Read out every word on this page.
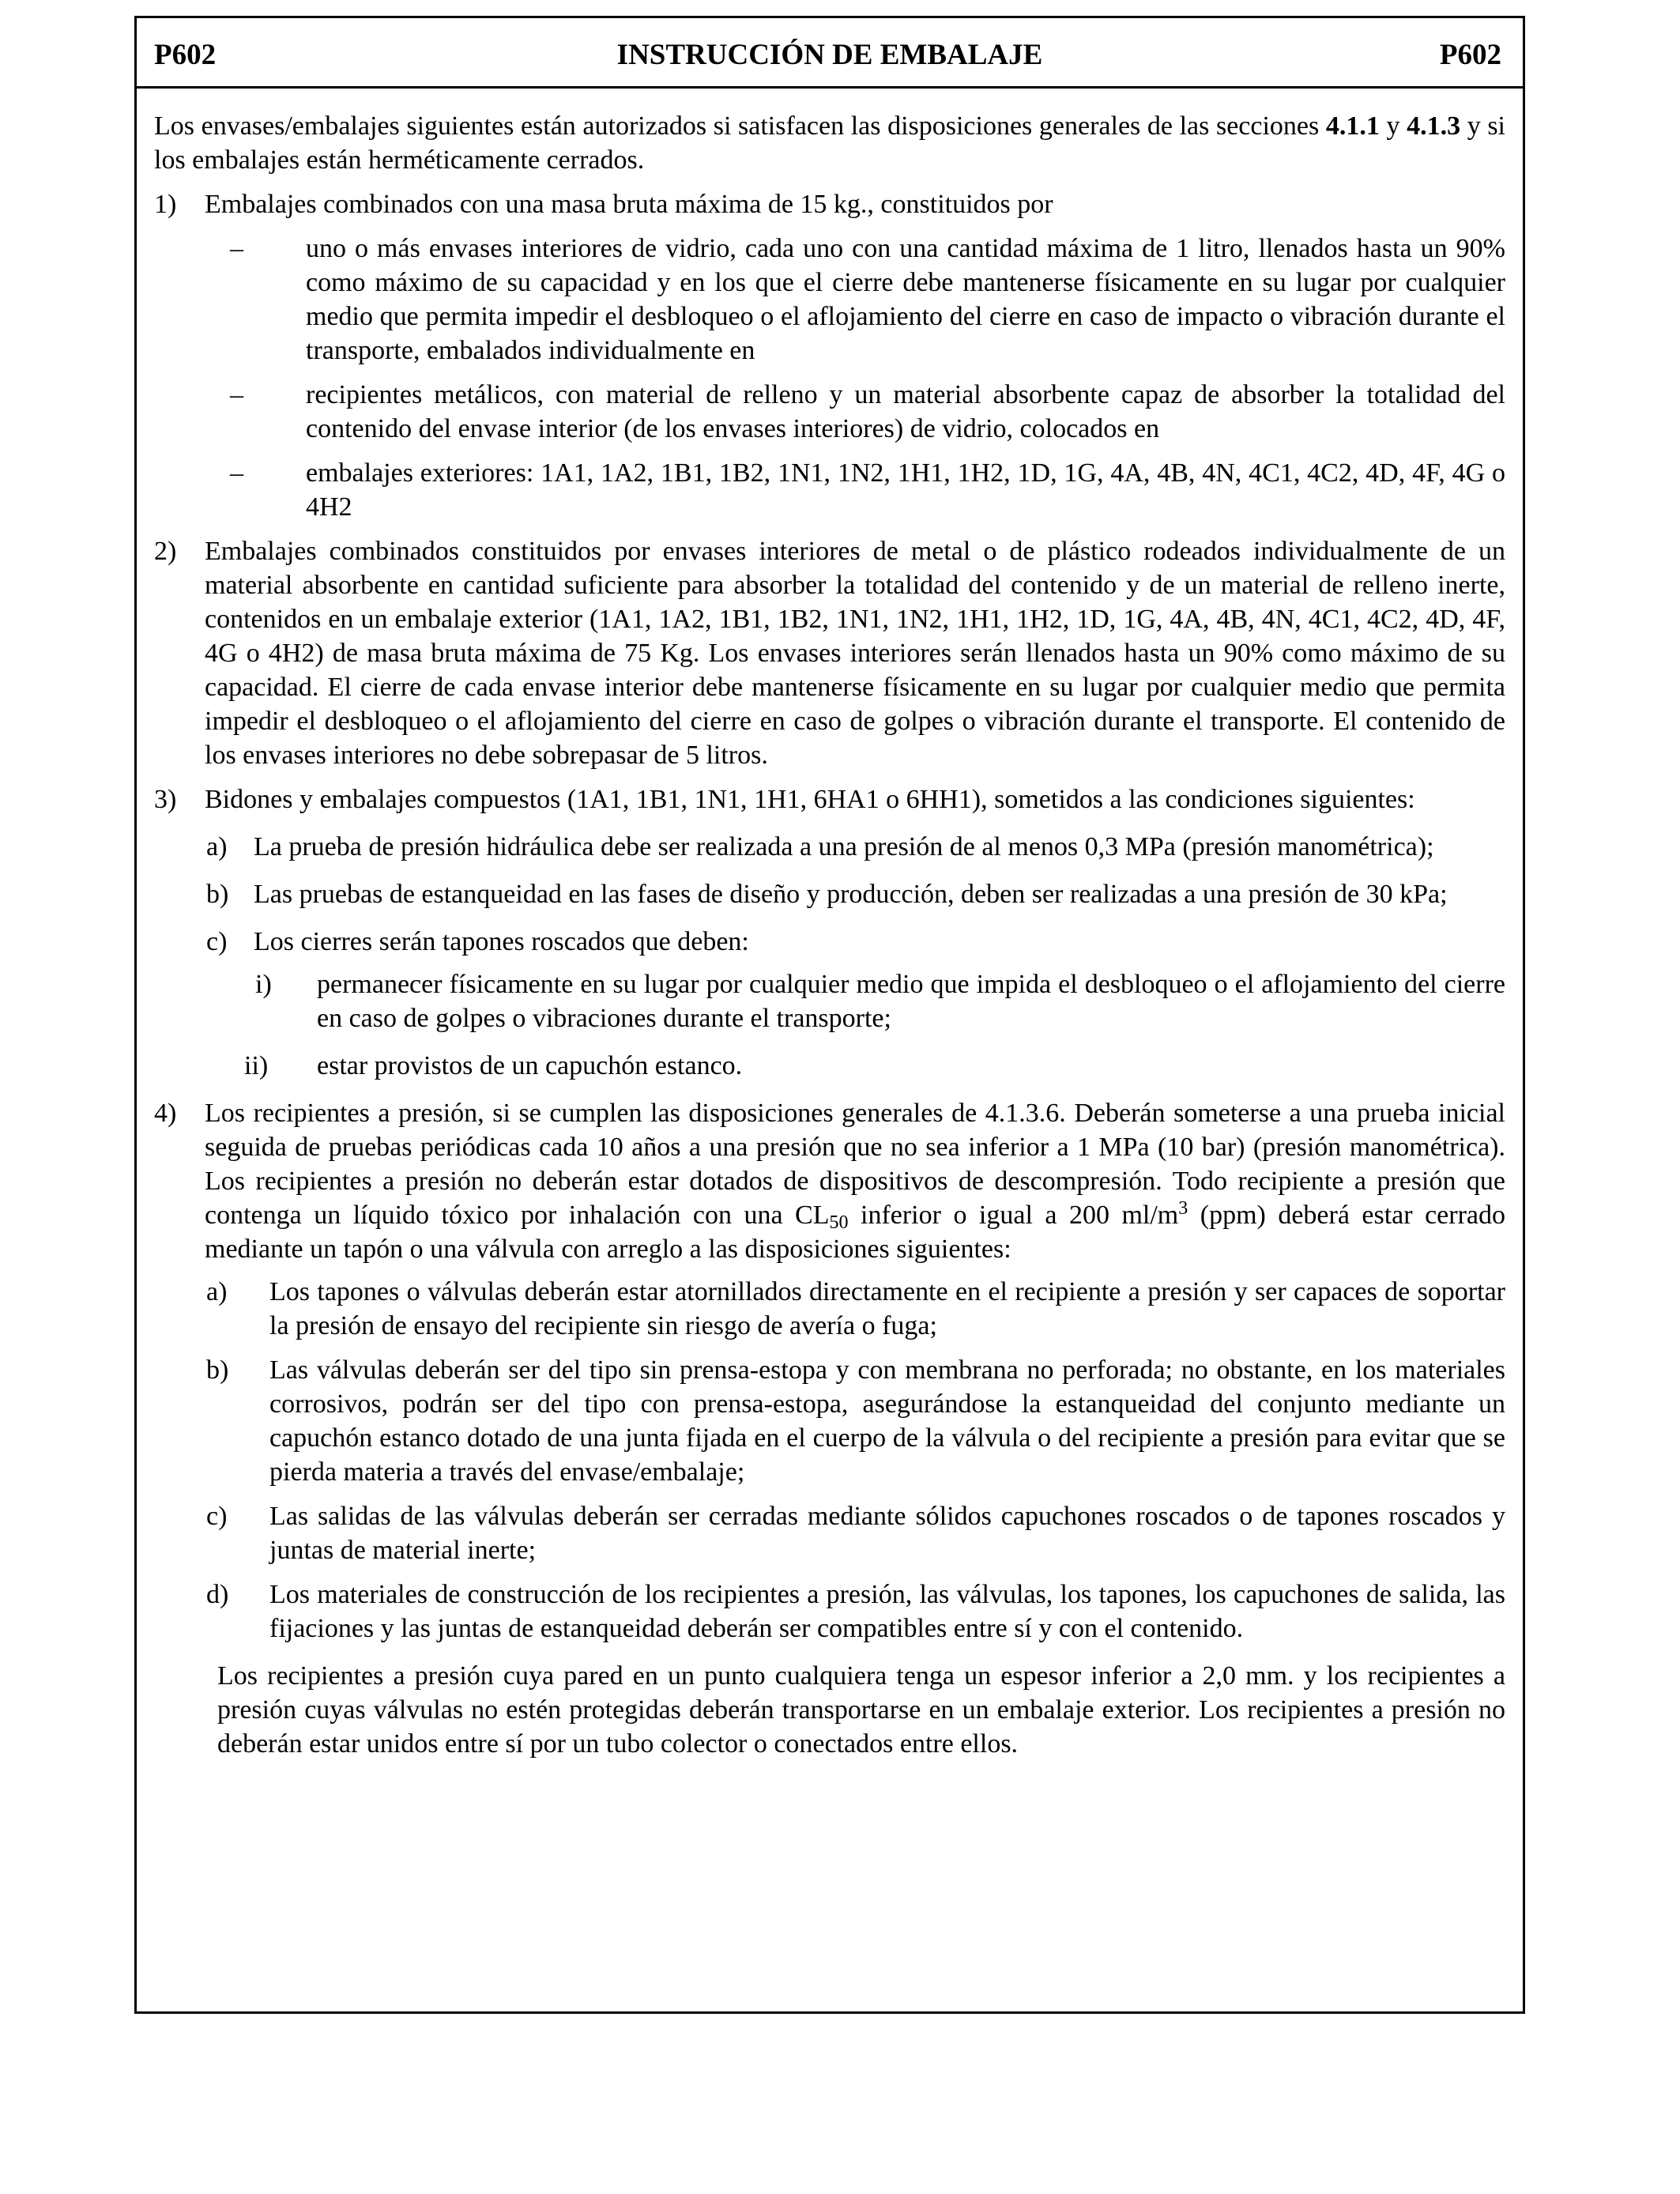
P602	INSTRUCCIÓN DE EMBALAJE	P602

Los envases/embalajes siguientes están autorizados si satisfacen las disposiciones generales de las secciones 4.1.1 y 4.1.3 y si los embalajes están herméticamente cerrados.

1)	Embalajes combinados con una masa bruta máxima de 15 kg., constituidos por
–	uno o más envases interiores de vidrio, cada uno con una cantidad máxima de 1 litro, llenados hasta un 90% como máximo de su capacidad y en los que el cierre debe mantenerse físicamente en su lugar por cualquier medio que permita impedir el desbloqueo o el aflojamiento del cierre en caso de impacto o vibración durante el transporte, embalados individualmente en
–	recipientes metálicos, con material de relleno y un material absorbente capaz de absorber la totalidad del contenido del envase interior (de los envases interiores) de vidrio, colocados en
–	embalajes exteriores: 1A1, 1A2, 1B1, 1B2, 1N1, 1N2, 1H1, 1H2, 1D, 1G, 4A, 4B, 4N, 4C1, 4C2, 4D, 4F, 4G o 4H2
2)	Embalajes combinados constituidos por envases interiores de metal o de plástico rodeados individualmente de un material absorbente en cantidad suficiente para absorber la totalidad del contenido y de un material de relleno inerte, contenidos en un embalaje exterior (1A1, 1A2, 1B1, 1B2, 1N1, 1N2, 1H1, 1H2, 1D, 1G, 4A, 4B, 4N, 4C1, 4C2, 4D, 4F, 4G o 4H2) de masa bruta máxima de 75 Kg. Los envases interiores serán llenados hasta un 90% como máximo de su capacidad. El cierre de cada envase interior debe mantenerse físicamente en su lugar por cualquier medio que permita impedir el desbloqueo o el aflojamiento del cierre en caso de golpes o vibración durante el transporte. El contenido de los envases interiores no debe sobrepasar de 5 litros.
3)	Bidones y embalajes compuestos (1A1, 1B1, 1N1, 1H1, 6HA1 o 6HH1), sometidos a las condiciones siguientes:
a) La prueba de presión hidráulica debe ser realizada a una presión de al menos 0,3 MPa (presión manométrica);
b) Las pruebas de estanqueidad en las fases de diseño y producción, deben ser realizadas a una presión de 30 kPa;
c) Los cierres serán tapones roscados que deben:
i)	permanecer físicamente en su lugar por cualquier medio que impida el desbloqueo o el aflojamiento del cierre en caso de golpes o vibraciones durante el transporte;
ii)	estar provistos de un capuchón estanco.
4)	Los recipientes a presión, si se cumplen las disposiciones generales de 4.1.3.6. Deberán someterse a una prueba inicial seguida de pruebas periódicas cada 10 años a una presión que no sea inferior a 1 MPa (10 bar) (presión manométrica). Los recipientes a presión no deberán estar dotados de dispositivos de descompresión. Todo recipiente a presión que contenga un líquido tóxico por inhalación con una $CL_{50}$ inferior o igual a 200 $ml/m^3$ (ppm) deberá estar cerrado mediante un tapón o una válvula con arreglo a las disposiciones siguientes:
a)	Los tapones o válvulas deberán estar atornillados directamente en el recipiente a presión y ser capaces de soportar la presión de ensayo del recipiente sin riesgo de avería o fuga;
b)	Las válvulas deberán ser del tipo sin prensa-estopa y con membrana no perforada; no obstante, en los materiales corrosivos, podrán ser del tipo con prensa-estopa, asegurándose la estanqueidad del conjunto mediante un capuchón estanco dotado de una junta fijada en el cuerpo de la válvula o del recipiente a presión para evitar que se pierda materia a través del envase/embalaje;
c)	Las salidas de las válvulas deberán ser cerradas mediante sólidos capuchones roscados o de tapones roscados y juntas de material inerte;
d)	Los materiales de construcción de los recipientes a presión, las válvulas, los tapones, los capuchones de salida, las fijaciones y las juntas de estanqueidad deberán ser compatibles entre sí y con el contenido.

Los recipientes a presión cuya pared en un punto cualquiera tenga un espesor inferior a 2,0 mm. y los recipientes a presión cuyas válvulas no estén protegidas deberán transportarse en un embalaje exterior. Los recipientes a presión no deberán estar unidos entre sí por un tubo colector o conectados entre ellos.
